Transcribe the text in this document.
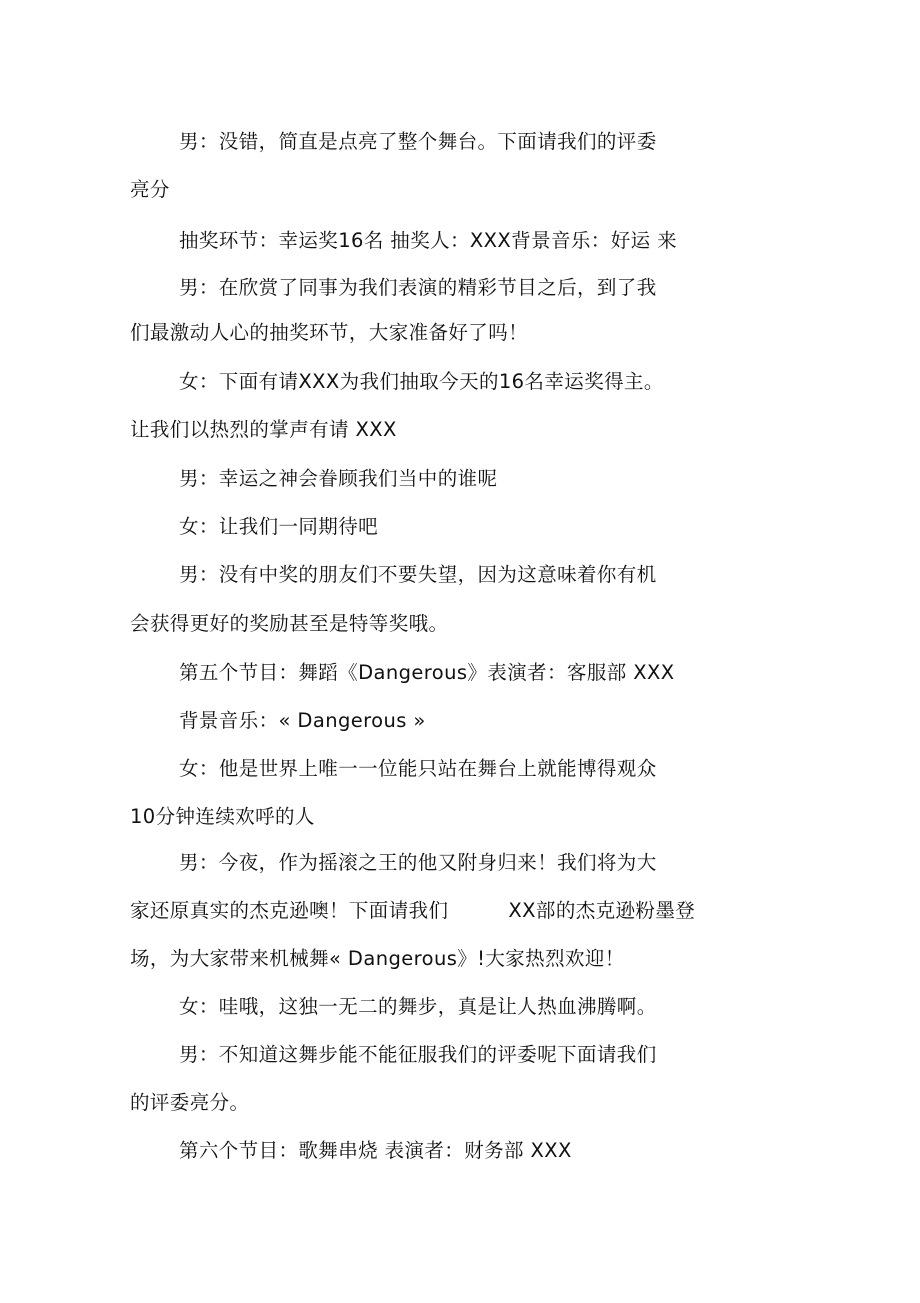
男：没错，简直是点亮了整个舞台。下面请我们的评委
亮分
抽奖环节：幸运奖16名 抽奖人：XXX背景音乐：好运 来
男：在欣赏了同事为我们表演的精彩节目之后，到了我
们最激动人心的抽奖环节，大家准备好了吗！
女：下面有请XXX为我们抽取今天的16名幸运奖得主。
让我们以热烈的掌声有请 XXX
男：幸运之神会眷顾我们当中的谁呢
女：让我们一同期待吧
男：没有中奖的朋友们不要失望，因为这意味着你有机
会获得更好的奖励甚至是特等奖哦。
第五个节目：舞蹈《Dangerous》表演者：客服部 XXX
背景音乐：« Dangerous »
女：他是世界上唯一一位能只站在舞台上就能博得观众
10分钟连续欢呼的人
男：今夜，作为摇滚之王的他又附身归来！我们将为大
家还原真实的杰克逊噢！下面请我们	XX部的杰克逊粉墨登
场，为大家带来机械舞« Dangerous》!大家热烈欢迎！
女：哇哦，这独一无二的舞步，真是让人热血沸腾啊。
男：不知道这舞步能不能征服我们的评委呢下面请我们
的评委亮分。
第六个节目：歌舞串烧 表演者：财务部 XXX
